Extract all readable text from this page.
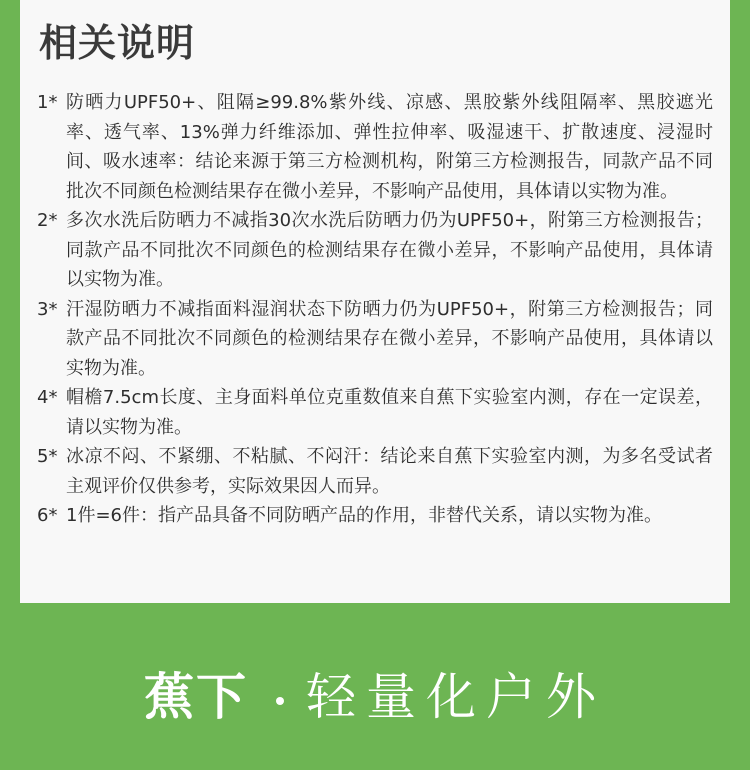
相关说明
1* 防晒力UPF50+、阻隔≥99.8%紫外线、凉感、黑胶紫外线阻隔率、黑胶遮光率、透气率、13%弹力纤维添加、弹性拉伸率、吸湿速干、扩散速度、浸湿时间、吸水速率：结论来源于第三方检测机构，附第三方检测报告，同款产品不同批次不同颜色检测结果存在微小差异，不影响产品使用，具体请以实物为准。
2* 多次水洗后防晒力不减指30次水洗后防晒力仍为UPF50+，附第三方检测报告；同款产品不同批次不同颜色的检测结果存在微小差异，不影响产品使用，具体请以实物为准。
3* 汗湿防晒力不减指面料湿润状态下防晒力仍为UPF50+，附第三方检测报告；同款产品不同批次不同颜色的检测结果存在微小差异，不影响产品使用，具体请以实物为准。
4* 帽檐7.5cm长度、主身面料单位克重数值来自蕉下实验室内测，存在一定误差，请以实物为准。
5* 冰凉不闷、不紧绷、不粘腻、不闷汗：结论来自蕉下实验室内测，为多名受试者主观评价仅供参考，实际效果因人而异。
6* 1件=6件：指产品具备不同防晒产品的作用，非替代关系，请以实物为准。
蕉下 轻量化户外
